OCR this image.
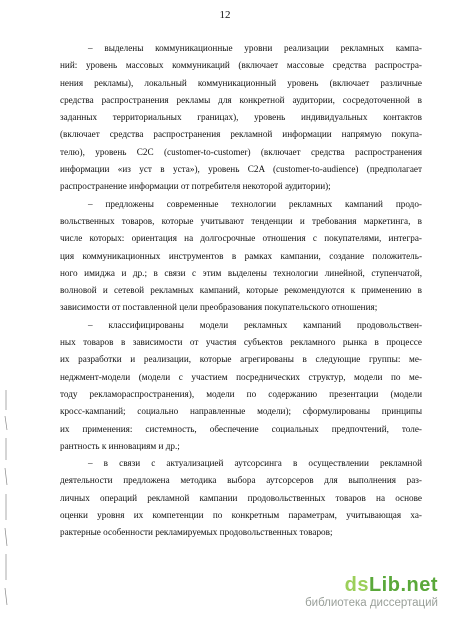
12
– выделены коммуникационные уровни реализации рекламных кампа-
ний: уровень массовых коммуникаций (включает массовые средства распростра-
нения рекламы), локальный коммуникационный уровень (включает различные
средства распространения рекламы для конкретной аудитории, сосредоточенной в
заданных территориальных границах), уровень индивидуальных контактов
(включает средства распространения рекламной информации напрямую покупа-
телю), уровень C2C (customer-to-customer) (включает средства распространения
информации «из уст в уста»), уровень C2A (customer-to-audience) (предполагает
распространение информации от потребителя некоторой аудитории);
– предложены современные технологии рекламных кампаний продо-
вольственных товаров, которые учитывают тенденции и требования маркетинга, в
числе которых: ориентация на долгосрочные отношения с покупателями, интегра-
ция коммуникационных инструментов в рамках кампании, создание положитель-
ного имиджа и др.; в связи с этим выделены технологии линейной, ступенчатой,
волновой и сетевой рекламных кампаний, которые рекомендуются к применению в
зависимости от поставленной цели преобразования покупательского отношения;
– классифицированы модели рекламных кампаний продовольствен-
ных товаров в зависимости от участия субъектов рекламного рынка в процессе
их разработки и реализации, которые агрегированы в следующие группы: ме-
неджмент-модели (модели с участием посреднических структур, модели по ме-
тоду рекламораспространения), модели по содержанию презентации (модели
кросс-кампаний; социально направленные модели); сформулированы принципы
их применения: системность, обеспечение социальных предпочтений, толе-
рантность к инновациям и др.;
– в связи с актуализацией аутсорсинга в осуществлении рекламной
деятельности предложена методика выбора аутсорсеров для выполнения раз-
личных операций рекламной кампании продовольственных товаров на основе
оценки уровня их компетенции по конкретным параметрам, учитывающая ха-
рактерные особенности рекламируемых продовольственных товаров;
dsLib.net
библиотека диссертаций
